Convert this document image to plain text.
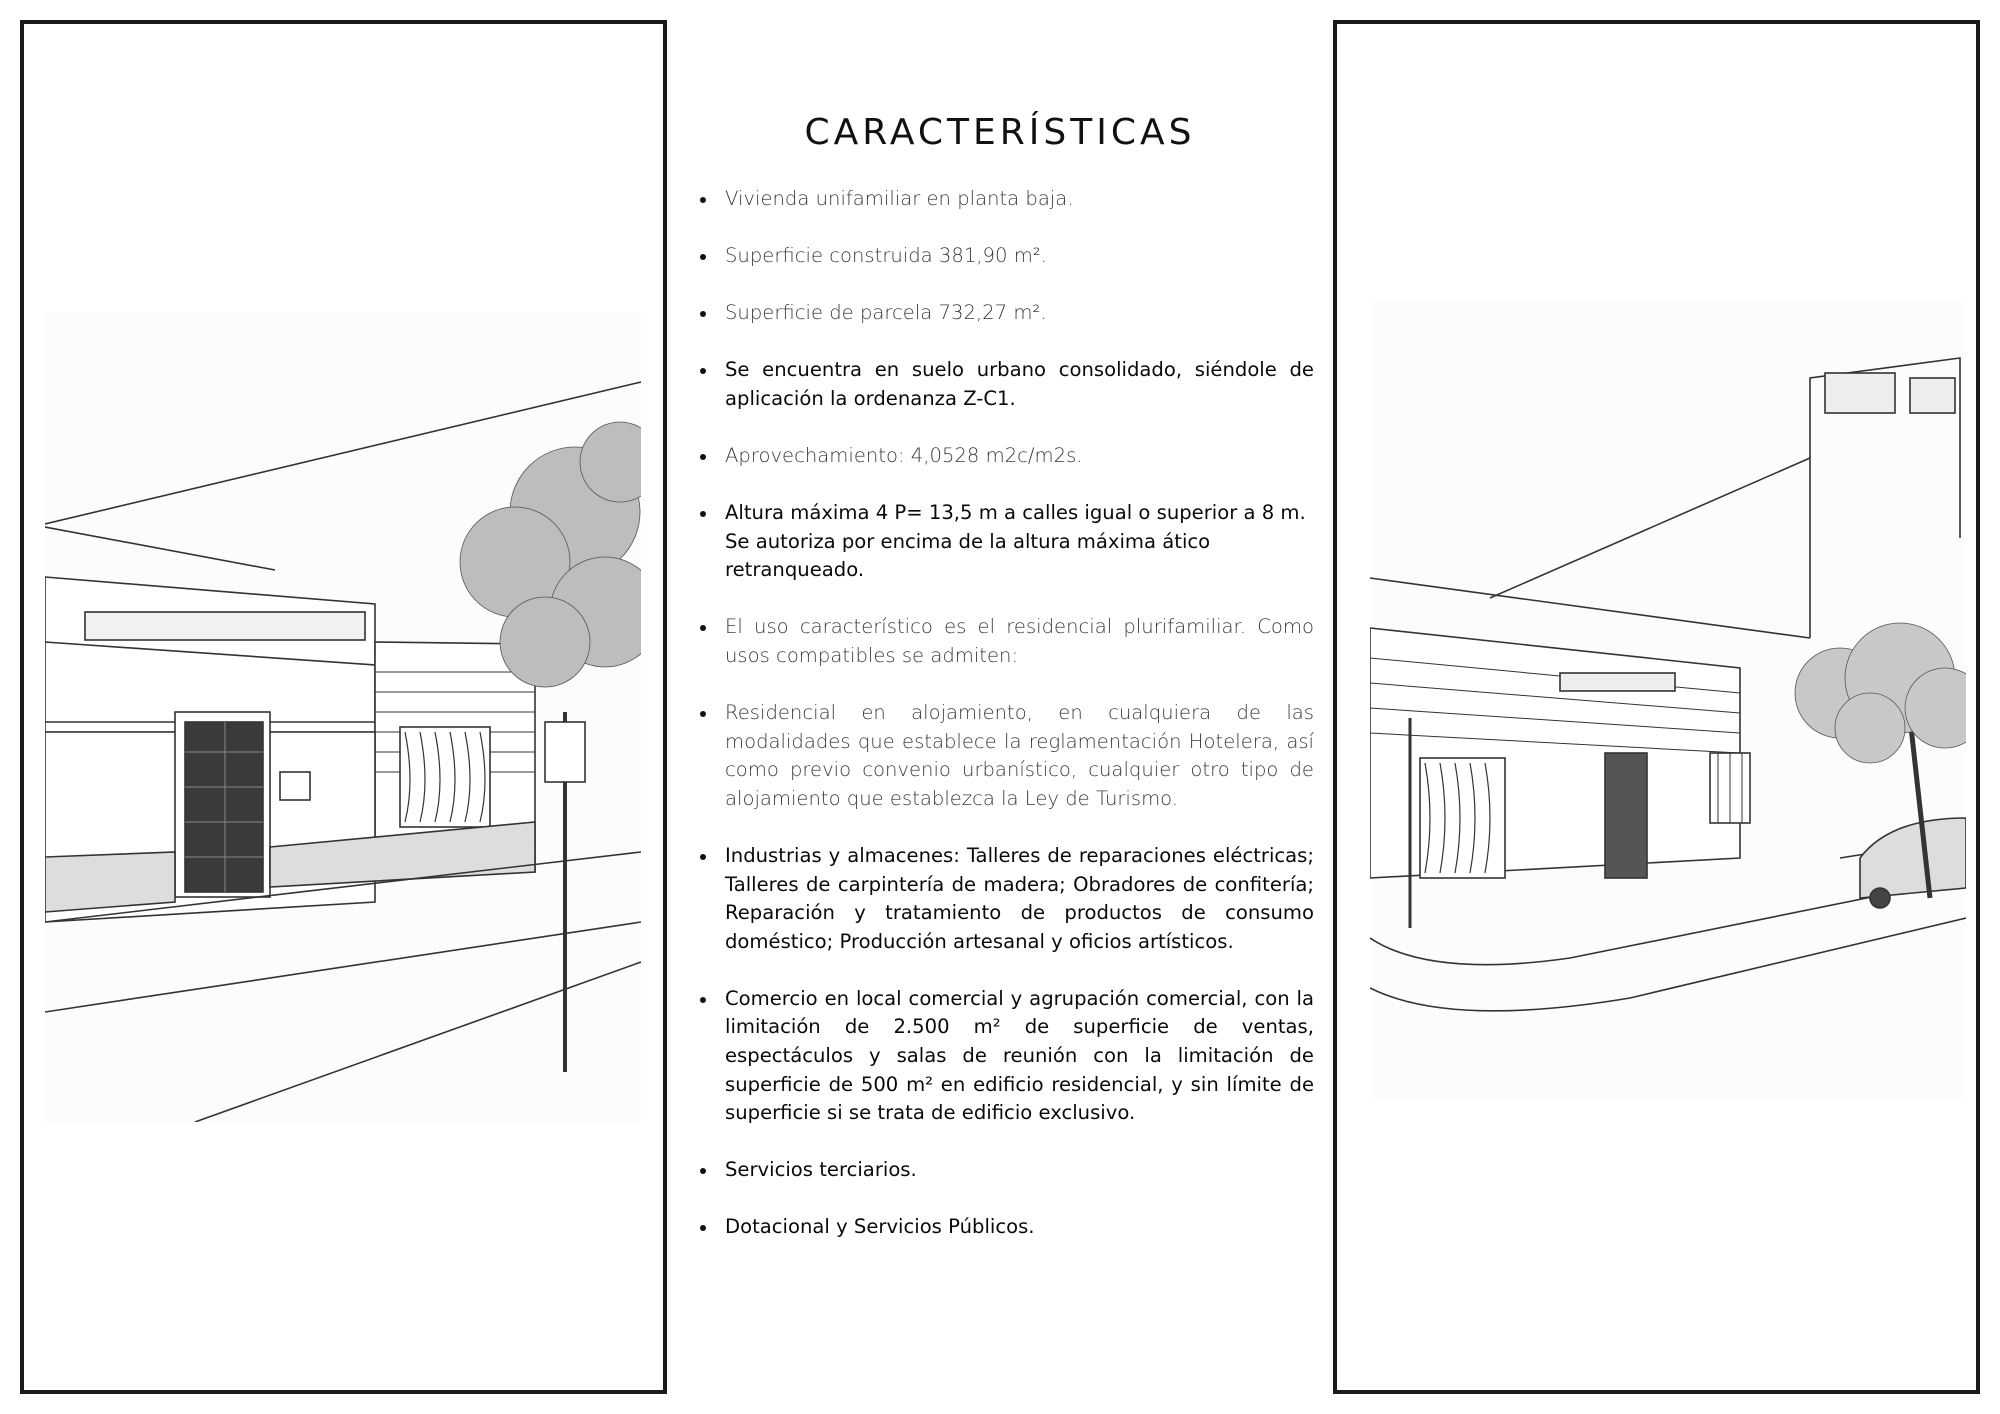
CARACTERÍSTICAS
Vivienda unifamiliar en planta baja.
Superficie construida 381,90 m².
Superficie de parcela 732,27 m².
Se encuentra en suelo urbano consolidado, siéndole de aplicación la ordenanza Z-C1.
Aprovechamiento: 4,0528 m2c/m2s.
Altura máxima 4 P= 13,5 m a calles igual o superior a 8 m. Se autoriza por encima de la altura máxima ático retranqueado.
El uso característico es el residencial plurifamiliar. Como usos compatibles se admiten:
Residencial en alojamiento, en cualquiera de las modalidades que establece la reglamentación Hotelera, así como previo convenio urbanístico, cualquier otro tipo de alojamiento que establezca la Ley de Turismo.
Industrias y almacenes: Talleres de reparaciones eléctricas; Talleres de carpintería de madera; Obradores de confitería; Reparación y tratamiento de productos de consumo doméstico; Producción artesanal y oficios artísticos.
Comercio en local comercial y agrupación comercial, con la limitación de 2.500 m² de superficie de ventas, espectáculos y salas de reunión con la limitación de superficie de 500 m² en edificio residencial, y sin límite de superficie si se trata de edificio exclusivo.
Servicios terciarios.
Dotacional y Servicios Públicos.
